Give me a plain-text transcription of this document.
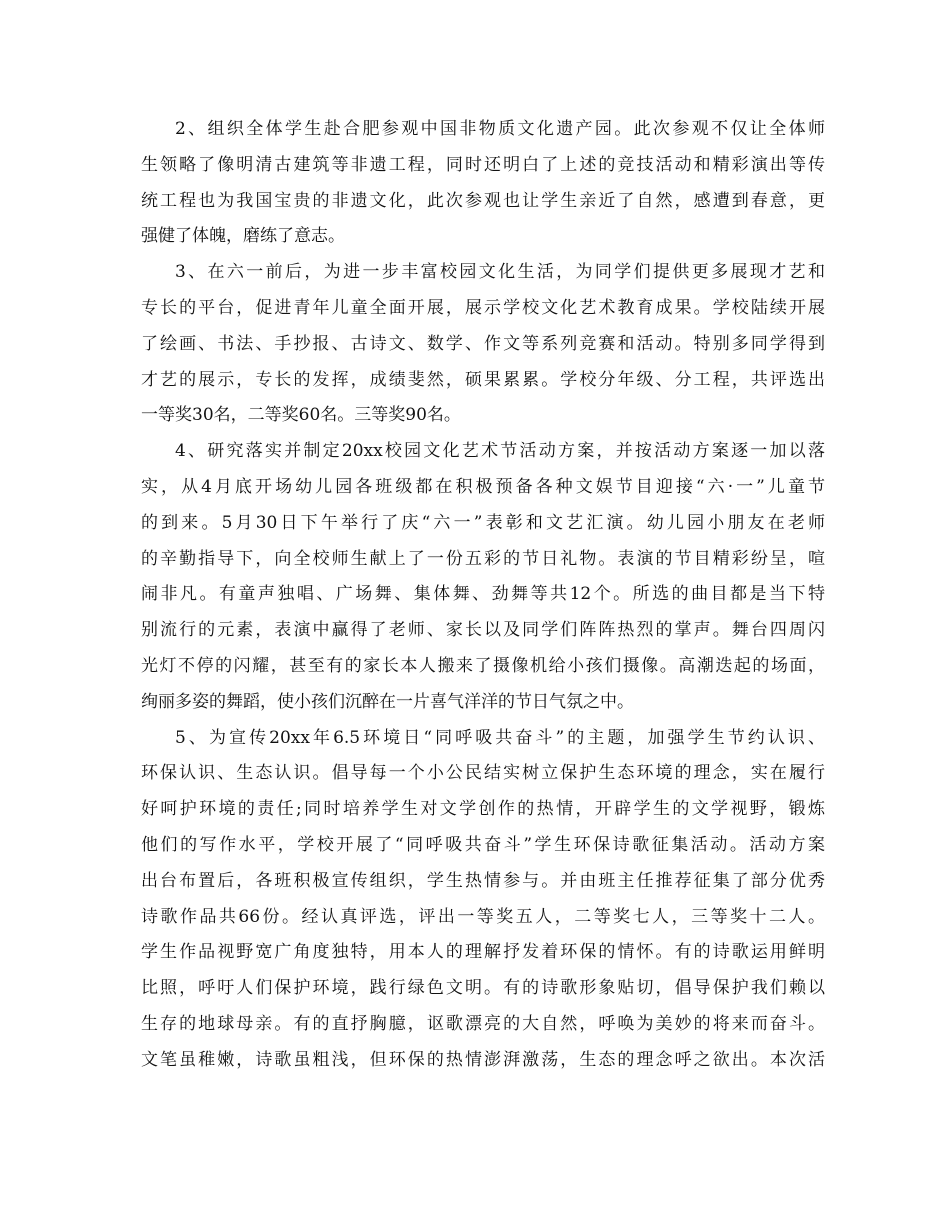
2、组织全体学生赴合肥参观中国非物质文化遗产园。此次参观不仅让全体师
生领略了像明清古建筑等非遗工程，同时还明白了上述的竞技活动和精彩演出等传
统工程也为我国宝贵的非遗文化，此次参观也让学生亲近了自然，感遭到春意，更
强健了体魄，磨练了意志。

3、在六一前后，为进一步丰富校园文化生活，为同学们提供更多展现才艺和
专长的平台，促进青年儿童全面开展，展示学校文化艺术教育成果。学校陆续开展
了绘画、书法、手抄报、古诗文、数学、作文等系列竞赛和活动。特别多同学得到
才艺的展示，专长的发挥，成绩斐然，硕果累累。学校分年级、分工程，共评选出
一等奖30名，二等奖60名。三等奖90名。

4、研究落实并制定20xx校园文化艺术节活动方案，并按活动方案逐一加以落
实，从4月底开场幼儿园各班级都在积极预备各种文娱节目迎接“六·一”儿童节
的到来。5月30日下午举行了庆“六一”表彰和文艺汇演。幼儿园小朋友在老师
的辛勤指导下，向全校师生献上了一份五彩的节日礼物。表演的节目精彩纷呈，喧
闹非凡。有童声独唱、广场舞、集体舞、劲舞等共12个。所选的曲目都是当下特
别流行的元素，表演中赢得了老师、家长以及同学们阵阵热烈的掌声。舞台四周闪
光灯不停的闪耀，甚至有的家长本人搬来了摄像机给小孩们摄像。高潮迭起的场面，
绚丽多姿的舞蹈，使小孩们沉醉在一片喜气洋洋的节日气氛之中。

5、为宣传20xx年6.5环境日“同呼吸共奋斗”的主题，加强学生节约认识、
环保认识、生态认识。倡导每一个小公民结实树立保护生态环境的理念，实在履行
好呵护环境的责任;同时培养学生对文学创作的热情，开辟学生的文学视野，锻炼
他们的写作水平，学校开展了“同呼吸共奋斗”学生环保诗歌征集活动。活动方案
出台布置后，各班积极宣传组织，学生热情参与。并由班主任推荐征集了部分优秀
诗歌作品共66份。经认真评选，评出一等奖五人，二等奖七人，三等奖十二人。
学生作品视野宽广角度独特，用本人的理解抒发着环保的情怀。有的诗歌运用鲜明
比照，呼吁人们保护环境，践行绿色文明。有的诗歌形象贴切，倡导保护我们赖以
生存的地球母亲。有的直抒胸臆，讴歌漂亮的大自然，呼唤为美妙的将来而奋斗。
文笔虽稚嫩，诗歌虽粗浅，但环保的热情澎湃激荡，生态的理念呼之欲出。本次活
